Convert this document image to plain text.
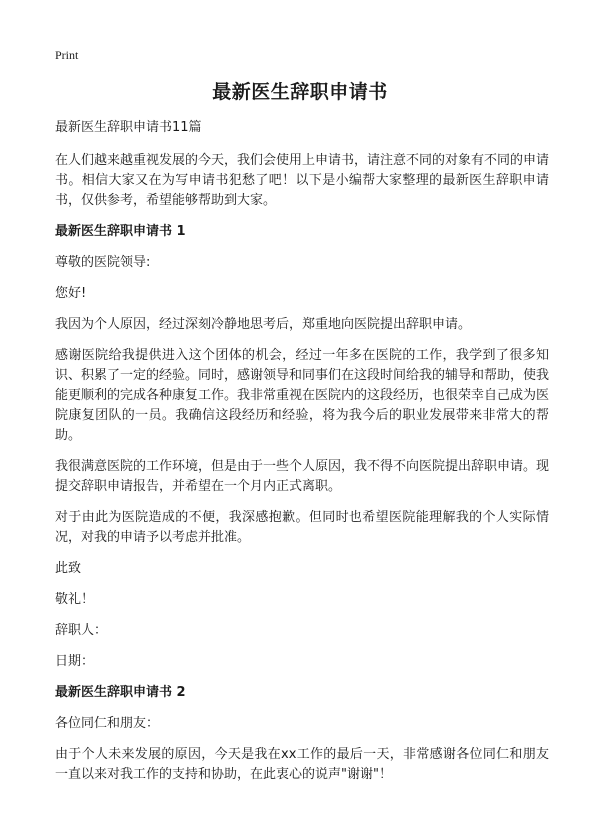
Print
最新医生辞职申请书

最新医生辞职申请书11篇

在人们越来越重视发展的今天，我们会使用上申请书，请注意不同的对象有不同的申请书。相信大家又在为写申请书犯愁了吧！以下是小编帮大家整理的最新医生辞职申请书，仅供参考，希望能够帮助到大家。

最新医生辞职申请书 1

尊敬的医院领导:

您好!

我因为个人原因，经过深刻冷静地思考后，郑重地向医院提出辞职申请。

感谢医院给我提供进入这个团体的机会，经过一年多在医院的工作，我学到了很多知识、积累了一定的经验。同时，感谢领导和同事们在这段时间给我的辅导和帮助，使我能更顺利的完成各种康复工作。我非常重视在医院内的这段经历，也很荣幸自己成为医院康复团队的一员。我确信这段经历和经验，将为我今后的职业发展带来非常大的帮助。

我很满意医院的工作环境，但是由于一些个人原因，我不得不向医院提出辞职申请。现提交辞职申请报告，并希望在一个月内正式离职。

对于由此为医院造成的不便，我深感抱歉。但同时也希望医院能理解我的个人实际情况，对我的申请予以考虑并批准。

此致

敬礼！

辞职人：

日期：

最新医生辞职申请书 2

各位同仁和朋友：

由于个人未来发展的原因，今天是我在xx工作的最后一天，非常感谢各位同仁和朋友一直以来对我工作的支持和协助，在此衷心的说声"谢谢"！
